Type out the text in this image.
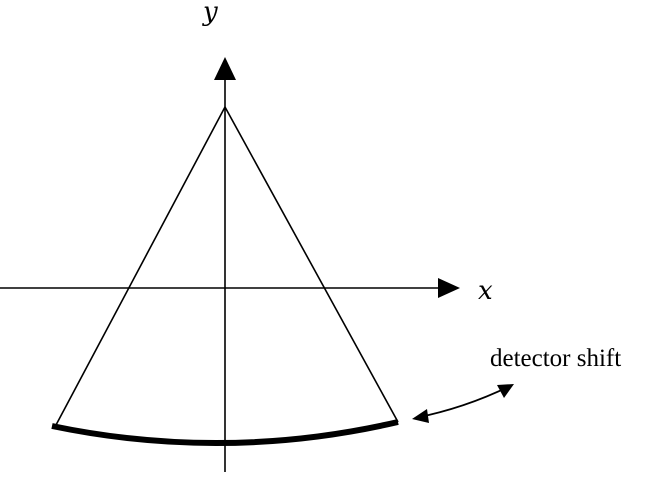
y
x
detector shift
